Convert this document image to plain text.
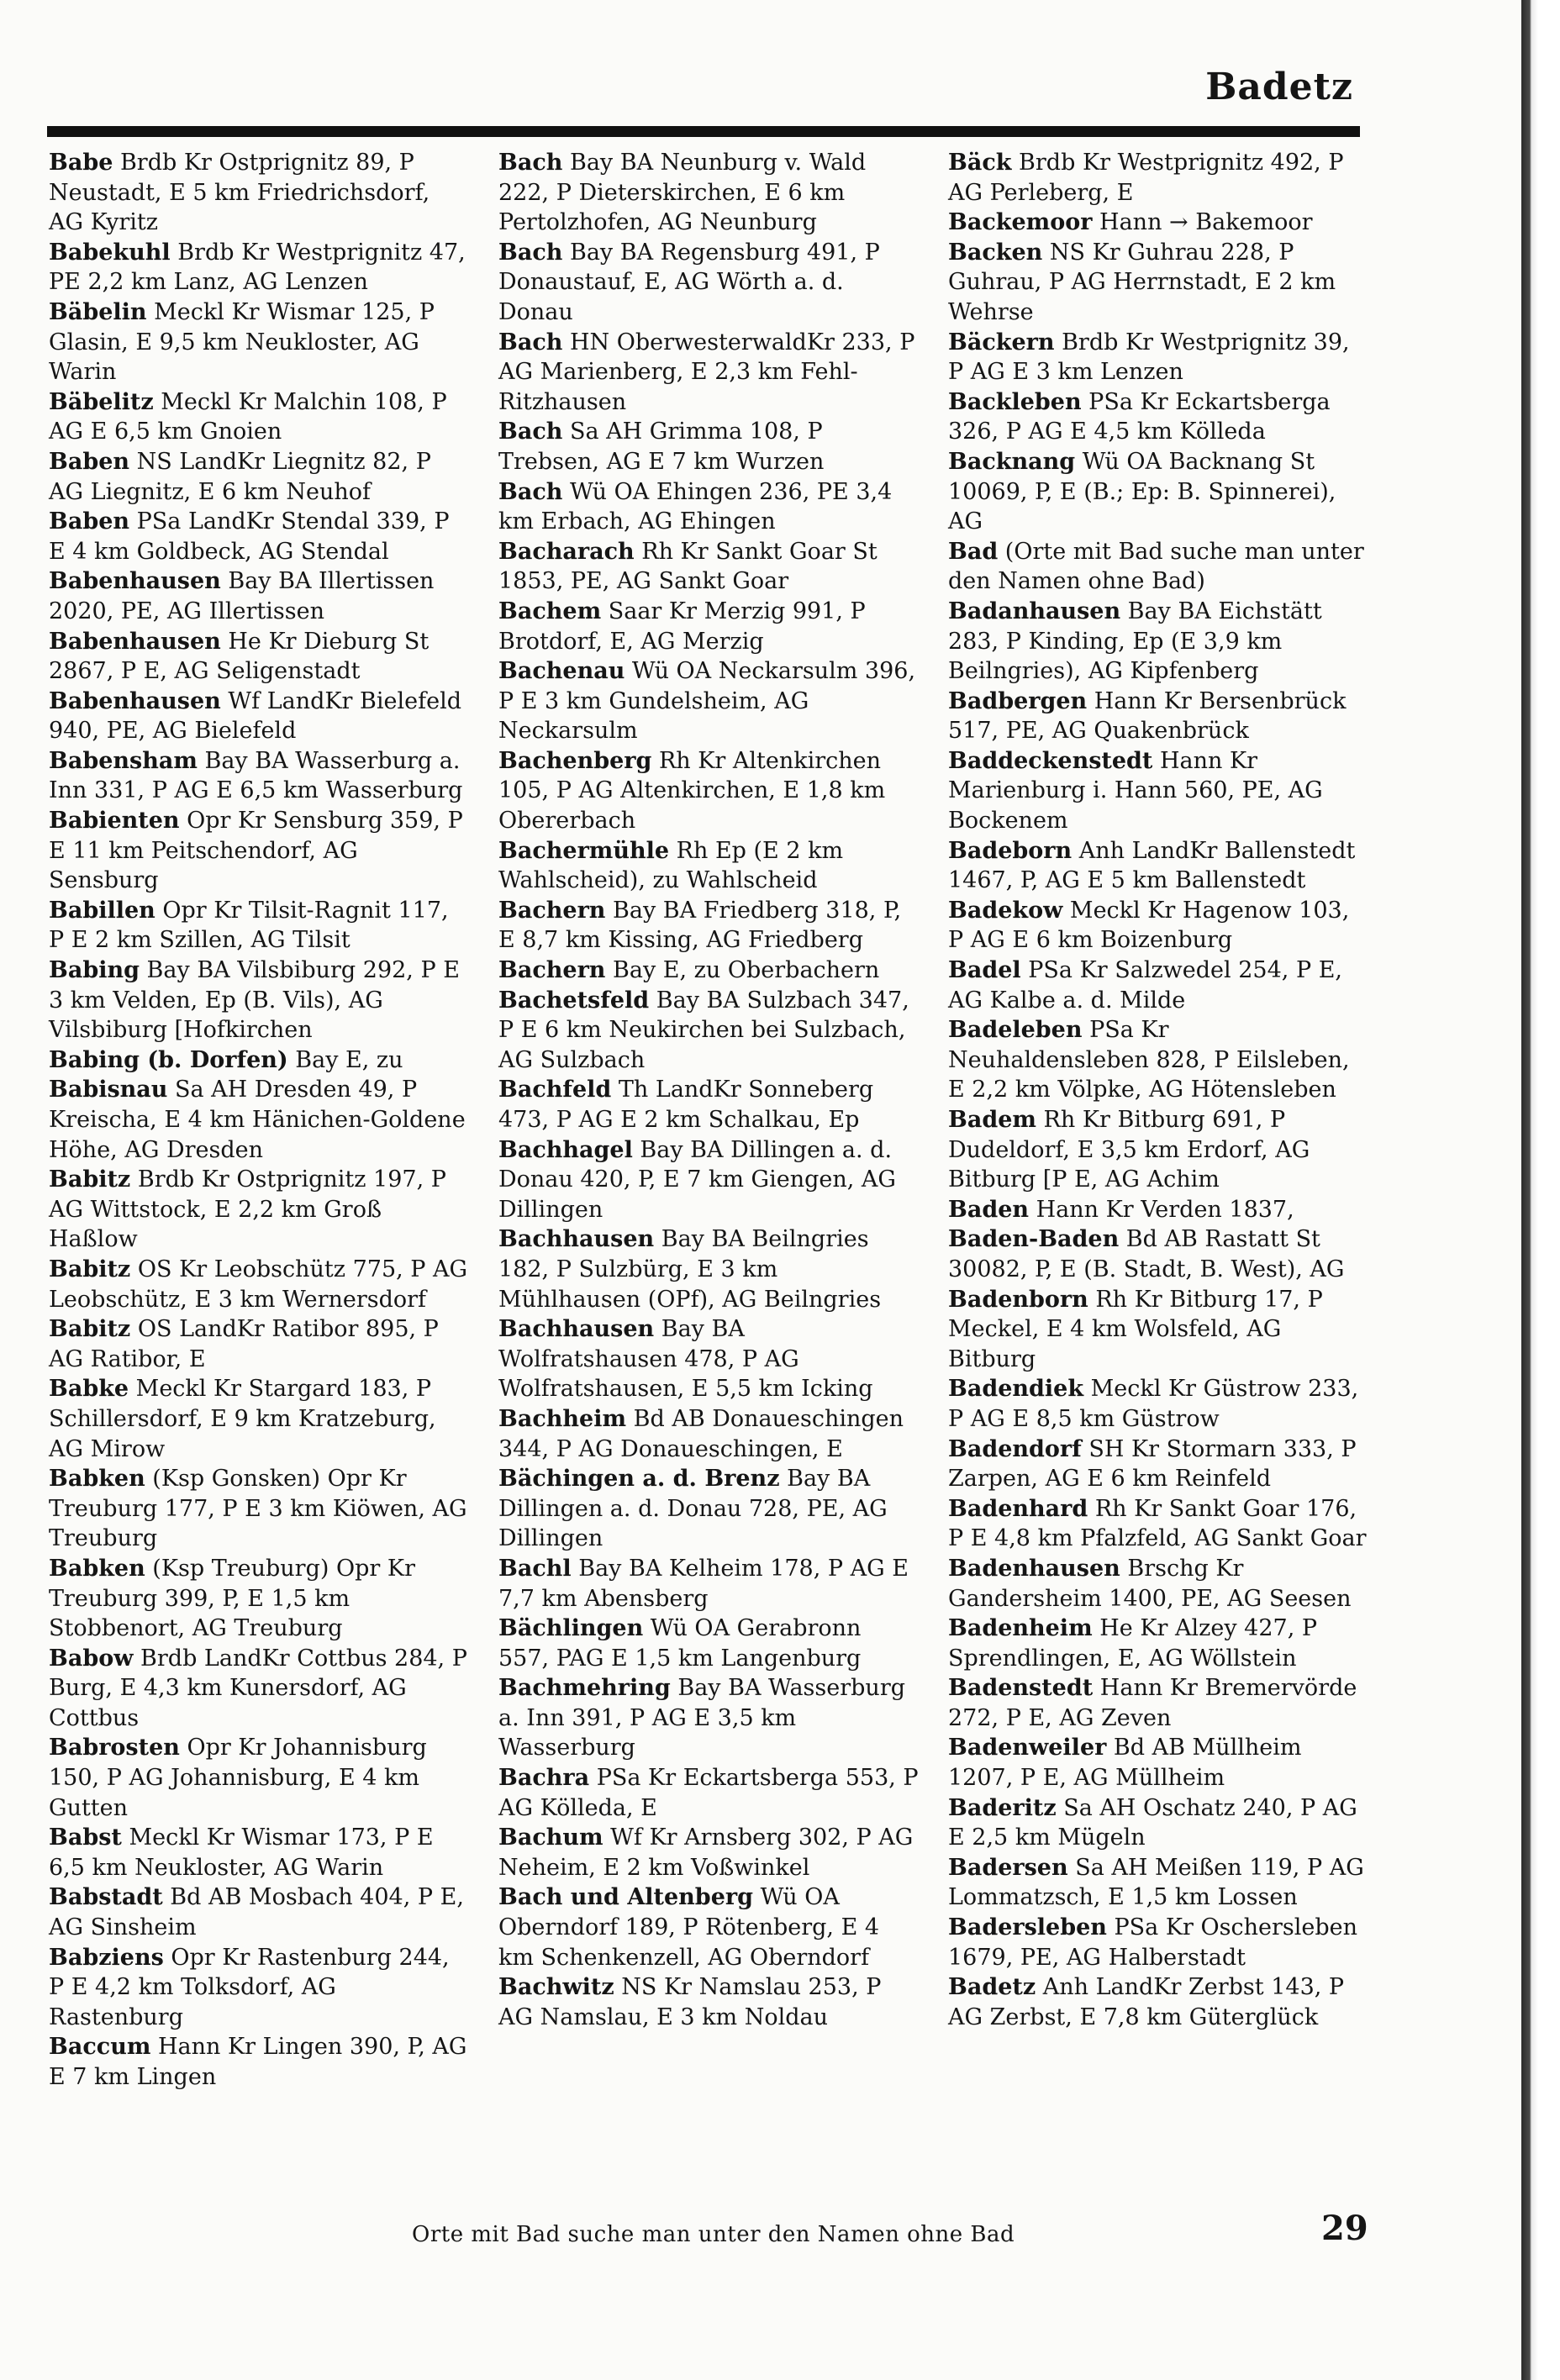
Badetz

Babe Brdb Kr Ostprignitz 89, P Neustadt, E 5 km Friedrichsdorf, AG Kyritz

Babekuhl Brdb Kr Westprignitz 47, PE 2,2 km Lanz, AG Lenzen

Bäbelin Meckl Kr Wismar 125, P Glasin, E 9,5 km Neukloster, AG Warin

Bäbelitz Meckl Kr Malchin 108, P AG E 6,5 km Gnoien

Baben NS LandKr Liegnitz 82, P AG Liegnitz, E 6 km Neuhof

Baben PSa LandKr Stendal 339, P E 4 km Goldbeck, AG Stendal

Babenhausen Bay BA Illertissen 2020, PE, AG Illertissen

Babenhausen He Kr Dieburg St 2867, P E, AG Seligenstadt

Babenhausen Wf LandKr Bielefeld 940, PE, AG Bielefeld

Babensham Bay BA Wasserburg a. Inn 331, P AG E 6,5 km Wasserburg

Babienten Opr Kr Sensburg 359, P E 11 km Peitschendorf, AG Sensburg

Babillen Opr Kr Tilsit-Ragnit 117, P E 2 km Szillen, AG Tilsit

Babing Bay BA Vilsbiburg 292, P E 3 km Velden, Ep (B. Vils), AG Vilsbiburg [Hofkirchen

Babing (b. Dorfen) Bay E, zu

Babisnau Sa AH Dresden 49, P Kreischa, E 4 km Hänichen-Goldene Höhe, AG Dresden

Babitz Brdb Kr Ostprignitz 197, P AG Wittstock, E 2,2 km Groß Haßlow

Babitz OS Kr Leobschütz 775, P AG Leobschütz, E 3 km Wernersdorf

Babitz OS LandKr Ratibor 895, P AG Ratibor, E

Babke Meckl Kr Stargard 183, P Schillersdorf, E 9 km Kratzeburg, AG Mirow

Babken (Ksp Gonsken) Opr Kr Treuburg 177, P E 3 km Kiöwen, AG Treuburg

Babken (Ksp Treuburg) Opr Kr Treuburg 399, P, E 1,5 km Stobbenort, AG Treuburg

Babow Brdb LandKr Cottbus 284, P Burg, E 4,3 km Kunersdorf, AG Cottbus

Babrosten Opr Kr Johannisburg 150, P AG Johannisburg, E 4 km Gutten

Babst Meckl Kr Wismar 173, P E 6,5 km Neukloster, AG Warin

Babstadt Bd AB Mosbach 404, P E, AG Sinsheim

Babziens Opr Kr Rastenburg 244, P E 4,2 km Tolksdorf, AG Rastenburg

Baccum Hann Kr Lingen 390, P, AG E 7 km Lingen

Bach Bay BA Neunburg v. Wald 222, P Dieterskirchen, E 6 km Pertolzhofen, AG Neunburg

Bach Bay BA Regensburg 491, P Donaustauf, E, AG Wörth a. d. Donau

Bach HN OberwesterwaldKr 233, P AG Marienberg, E 2,3 km Fehl-Ritzhausen

Bach Sa AH Grimma 108, P Trebsen, AG E 7 km Wurzen

Bach Wü OA Ehingen 236, PE 3,4 km Erbach, AG Ehingen

Bacharach Rh Kr Sankt Goar St 1853, PE, AG Sankt Goar

Bachem Saar Kr Merzig 991, P Brotdorf, E, AG Merzig

Bachenau Wü OA Neckarsulm 396, P E 3 km Gundelsheim, AG Neckarsulm

Bachenberg Rh Kr Altenkirchen 105, P AG Altenkirchen, E 1,8 km Obererbach

Bachermühle Rh Ep (E 2 km Wahlscheid), zu Wahlscheid

Bachern Bay BA Friedberg 318, P, E 8,7 km Kissing, AG Friedberg

Bachern Bay E, zu Oberbachern

Bachetsfeld Bay BA Sulzbach 347, P E 6 km Neukirchen bei Sulzbach, AG Sulzbach

Bachfeld Th LandKr Sonneberg 473, P AG E 2 km Schalkau, Ep

Bachhagel Bay BA Dillingen a. d. Donau 420, P, E 7 km Giengen, AG Dillingen

Bachhausen Bay BA Beilngries 182, P Sulzbürg, E 3 km Mühlhausen (OPf), AG Beilngries

Bachhausen Bay BA Wolfratshausen 478, P AG Wolfratshausen, E 5,5 km Icking

Bachheim Bd AB Donaueschingen 344, P AG Donaueschingen, E

Bächingen a. d. Brenz Bay BA Dillingen a. d. Donau 728, PE, AG Dillingen

Bachl Bay BA Kelheim 178, P AG E 7,7 km Abensberg

Bächlingen Wü OA Gerabronn 557, PAG E 1,5 km Langenburg

Bachmehring Bay BA Wasserburg a. Inn 391, P AG E 3,5 km Wasserburg

Bachra PSa Kr Eckartsberga 553, P AG Kölleda, E

Bachum Wf Kr Arnsberg 302, P AG Neheim, E 2 km Voßwinkel

Bach und Altenberg Wü OA Oberndorf 189, P Rötenberg, E 4 km Schenkenzell, AG Oberndorf

Bachwitz NS Kr Namslau 253, P AG Namslau, E 3 km Noldau

Bäck Brdb Kr Westprignitz 492, P AG Perleberg, E

Backemoor Hann → Bakemoor

Backen NS Kr Guhrau 228, P Guhrau, P AG Herrnstadt, E 2 km Wehrse

Bäckern Brdb Kr Westprignitz 39, P AG E 3 km Lenzen

Backleben PSa Kr Eckartsberga 326, P AG E 4,5 km Kölleda

Backnang Wü OA Backnang St 10069, P, E (B.; Ep: B. Spinnerei), AG

Bad (Orte mit Bad suche man unter den Namen ohne Bad)

Badanhausen Bay BA Eichstätt 283, P Kinding, Ep (E 3,9 km Beilngries), AG Kipfenberg

Badbergen Hann Kr Bersenbrück 517, PE, AG Quakenbrück

Baddeckenstedt Hann Kr Marienburg i. Hann 560, PE, AG Bockenem

Badeborn Anh LandKr Ballenstedt 1467, P, AG E 5 km Ballenstedt

Badekow Meckl Kr Hagenow 103, P AG E 6 km Boizenburg

Badel PSa Kr Salzwedel 254, P E, AG Kalbe a. d. Milde

Badeleben PSa Kr Neuhaldensleben 828, P Eilsleben, E 2,2 km Völpke, AG Hötensleben

Badem Rh Kr Bitburg 691, P Dudeldorf, E 3,5 km Erdorf, AG Bitburg [P E, AG Achim

Baden Hann Kr Verden 1837,

Baden-Baden Bd AB Rastatt St 30082, P, E (B. Stadt, B. West), AG

Badenborn Rh Kr Bitburg 17, P Meckel, E 4 km Wolsfeld, AG Bitburg

Badendiek Meckl Kr Güstrow 233, P AG E 8,5 km Güstrow

Badendorf SH Kr Stormarn 333, P Zarpen, AG E 6 km Reinfeld

Badenhard Rh Kr Sankt Goar 176, P E 4,8 km Pfalzfeld, AG Sankt Goar

Badenhausen Brschg Kr Gandersheim 1400, PE, AG Seesen

Badenheim He Kr Alzey 427, P Sprendlingen, E, AG Wöllstein

Badenstedt Hann Kr Bremervörde 272, P E, AG Zeven

Badenweiler Bd AB Müllheim 1207, P E, AG Müllheim

Baderitz Sa AH Oschatz 240, P AG E 2,5 km Mügeln

Badersen Sa AH Meißen 119, P AG Lommatzsch, E 1,5 km Lossen

Badersleben PSa Kr Oschersleben 1679, PE, AG Halberstadt

Badetz Anh LandKr Zerbst 143, P AG Zerbst, E 7,8 km Güterglück

Orte mit Bad suche man unter den Namen ohne Bad	29
